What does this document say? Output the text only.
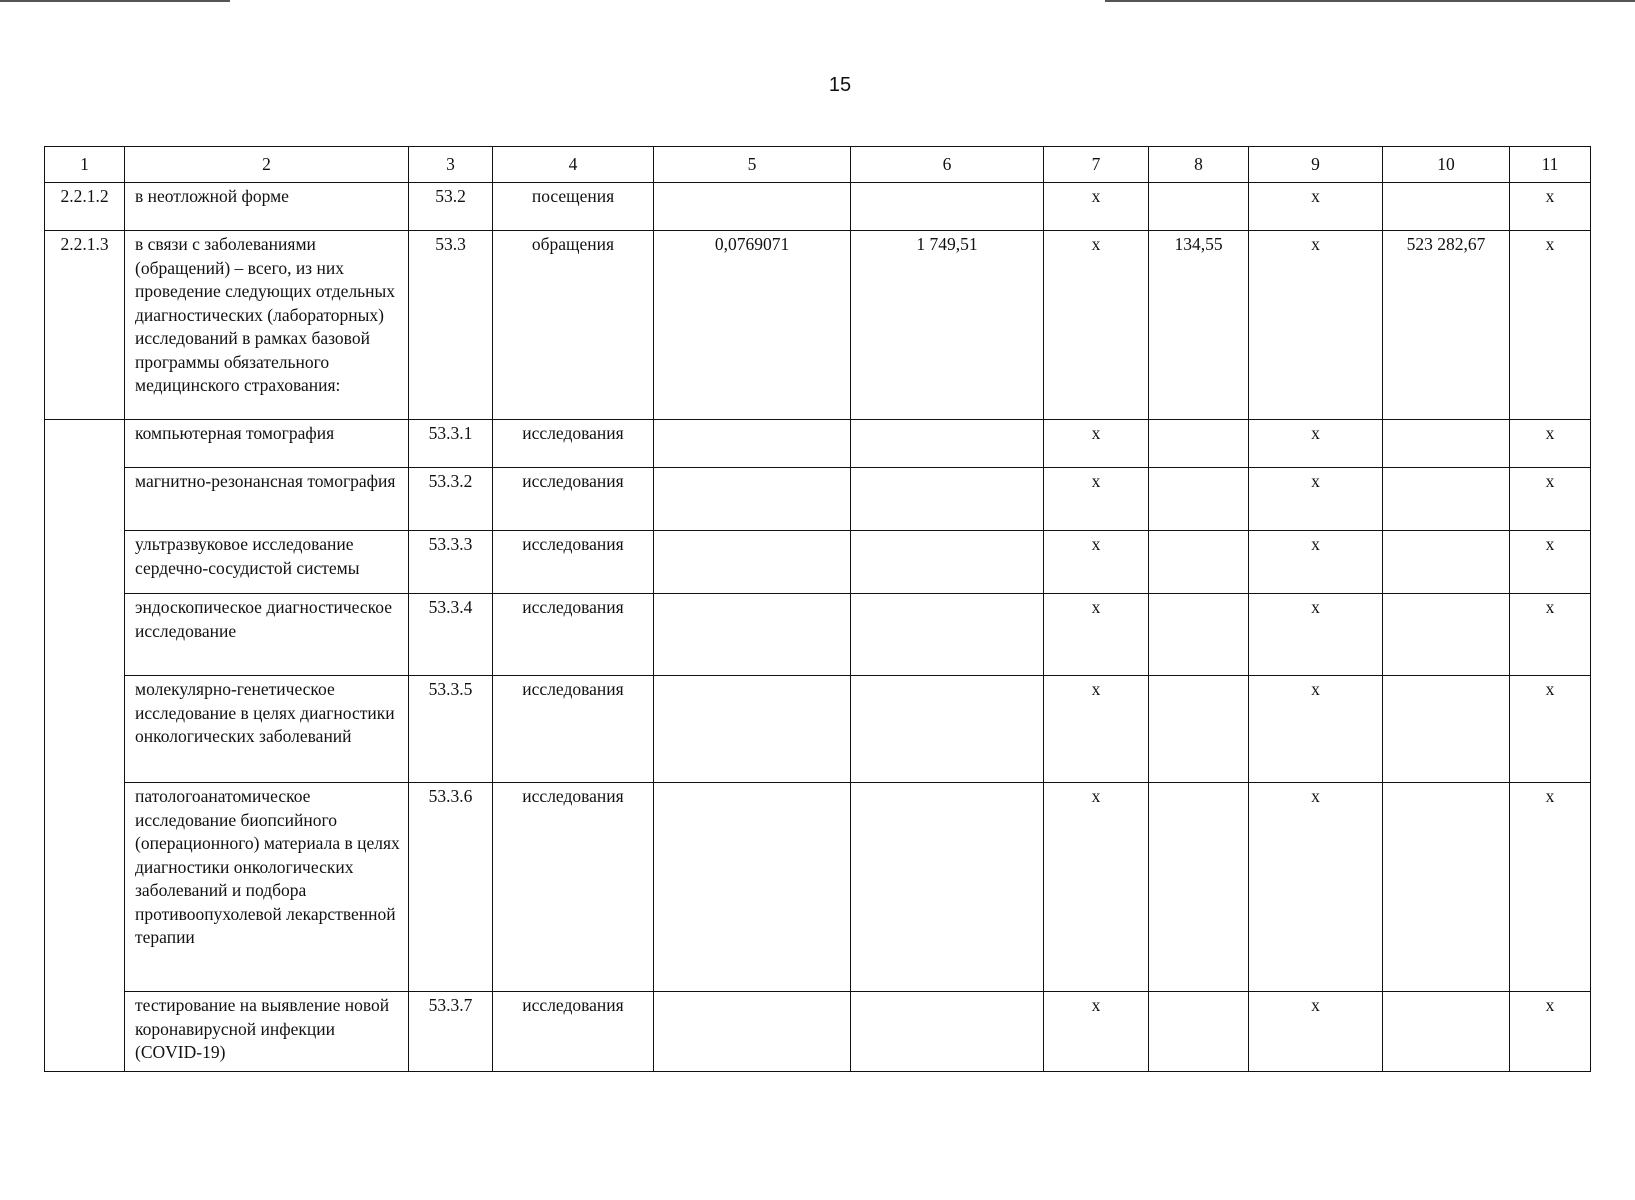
15
1	2	3	4	5	6	7	8	9	10	11
2.2.1.2	в неотложной форме	53.2	посещения			х		х		х
2.2.1.3	в связи с заболеваниями (обращений) – всего, из них проведение следующих отдельных диагностических (лабораторных) исследований в рамках базовой программы обязательного медицинского страхования:	53.3	обращения	0,0769071	1 749,51	х	134,55	х	523 282,67	х
	компьютерная томография	53.3.1	исследования			х		х		х
	магнитно-резонансная томография	53.3.2	исследования			х		х		х
	ультразвуковое исследование сердечно-сосудистой системы	53.3.3	исследования			х		х		х
	эндоскопическое диагностическое исследование	53.3.4	исследования			х		х		х
	молекулярно-генетическое исследование в целях диагностики онкологических заболеваний	53.3.5	исследования			х		х		х
	патологоанатомическое исследование биопсийного (операционного) материала в целях диагностики онкологических заболеваний и подбора противоопухолевой лекарственной терапии	53.3.6	исследования			х		х		х
	тестирование на выявление новой коронавирусной инфекции (COVID-19)	53.3.7	исследования			х		х		х
